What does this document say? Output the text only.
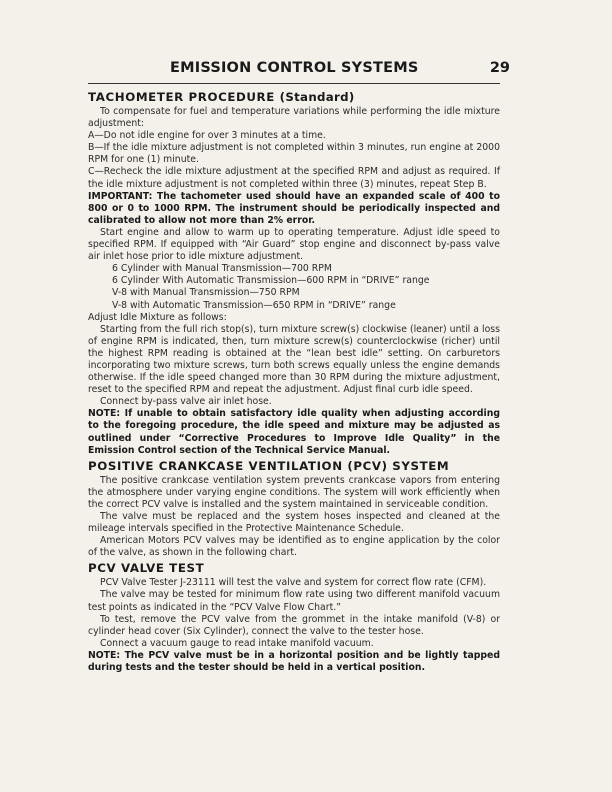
EMISSION CONTROL SYSTEMS	29
TACHOMETER PROCEDURE (Standard)

To compensate for fuel and temperature variations while performing the idle mixture adjustment:

A—Do not idle engine for over 3 minutes at a time.

B—If the idle mixture adjustment is not completed within 3 minutes, run engine at 2000 RPM for one (1) minute.

C—Recheck the idle mixture adjustment at the specified RPM and adjust as required. If the idle mixture adjustment is not completed within three (3) minutes, repeat Step B.

IMPORTANT: The tachometer used should have an expanded scale of 400 to 800 or 0 to 1000 RPM. The instrument should be periodically inspected and calibrated to allow not more than 2% error.

Start engine and allow to warm up to operating temperature. Adjust idle speed to specified RPM. If equipped with “Air Guard” stop engine and disconnect by-pass valve air inlet hose prior to idle mixture adjustment.

6 Cylinder with Manual Transmission—700 RPM

6 Cylinder With Automatic Transmission—600 RPM in “DRIVE” range

V-8 with Manual Transmission—750 RPM

V-8 with Automatic Transmission—650 RPM in “DRIVE” range

Adjust Idle Mixture as follows:

Starting from the full rich stop(s), turn mixture screw(s) clockwise (leaner) until a loss of engine RPM is indicated, then, turn mixture screw(s) counterclockwise (richer) until the highest RPM reading is obtained at the “lean best idle” setting. On carburetors incorporating two mixture screws, turn both screws equally unless the engine demands otherwise. If the idle speed changed more than 30 RPM during the mixture adjustment, reset to the specified RPM and repeat the adjustment. Adjust final curb idle speed.

Connect by-pass valve air inlet hose.

NOTE: If unable to obtain satisfactory idle quality when adjusting according to the foregoing procedure, the idle speed and mixture may be adjusted as outlined under “Corrective Procedures to Improve Idle Quality” in the Emission Control section of the Technical Service Manual.

POSITIVE CRANKCASE VENTILATION (PCV) SYSTEM

The positive crankcase ventilation system prevents crankcase vapors from entering the atmosphere under varying engine conditions. The system will work efficiently when the correct PCV valve is installed and the system maintained in serviceable condition.

The valve must be replaced and the system hoses inspected and cleaned at the mileage intervals specified in the Protective Maintenance Schedule.

American Motors PCV valves may be identified as to engine application by the color of the valve, as shown in the following chart.

PCV VALVE TEST

PCV Valve Tester J-23111 will test the valve and system for correct flow rate (CFM).

The valve may be tested for minimum flow rate using two different manifold vacuum test points as indicated in the “PCV Valve Flow Chart.”

To test, remove the PCV valve from the grommet in the intake manifold (V-8) or cylinder head cover (Six Cylinder), connect the valve to the tester hose.

Connect a vacuum gauge to read intake manifold vacuum.

NOTE: The PCV valve must be in a horizontal position and be lightly tapped during tests and the tester should be held in a vertical position.
